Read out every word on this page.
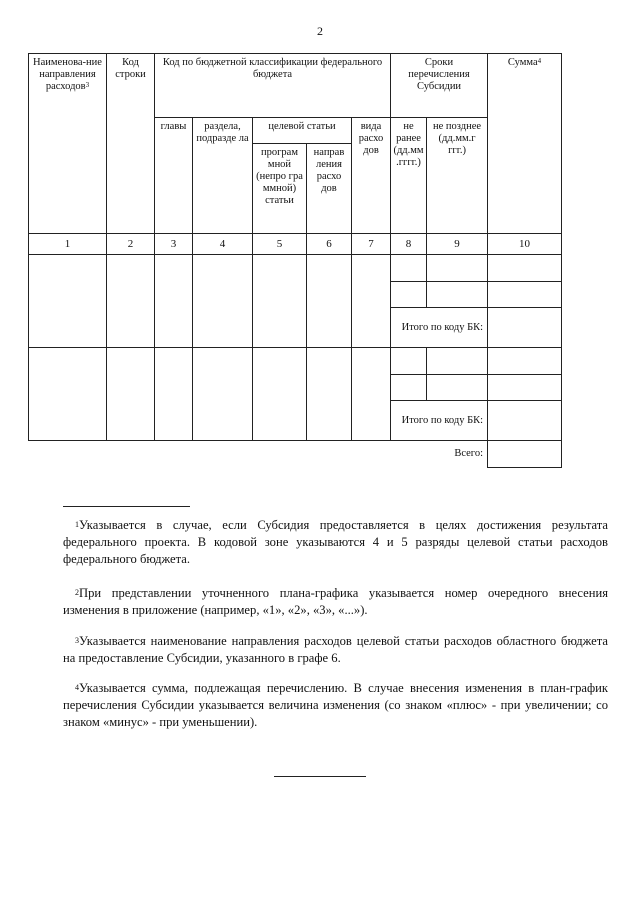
2
Наименова-ние направления расходов$^3$	Код строки	Код по бюджетной классификации федерального бюджета					Сроки перечисления Субсидии		Сумма$^4$
		главы	раздела, подразде ла	целевой статьи		вида расхо дов	не ранее (дд.мм .гггг.)	не позднее (дд.мм.г ггг.)	
				програм мной (непро гра ммной) статьи	направ ления расхо дов				
1	2	3	4	5	6	7	8	9	10

							Итого по коду БК:		

							Итого по коду БК:		
Всего:									
$^1$Указывается в случае, если Субсидия предоставляется в целях достижения результата федерального проекта. В кодовой зоне указываются 4 и 5 разряды целевой статьи расходов федерального бюджета.
$^2$При представлении уточненного плана-графика указывается номер очередного внесения изменения в приложение (например, «1», «2», «3», «...»).
$^3$Указывается наименование направления расходов целевой статьи расходов областного бюджета на предоставление Субсидии, указанного в графе 6.
$^4$Указывается сумма, подлежащая перечислению. В случае внесения изменения в план-график перечисления Субсидии указывается величина изменения (со знаком «плюс» - при увеличении; со знаком «минус» - при уменьшении).
